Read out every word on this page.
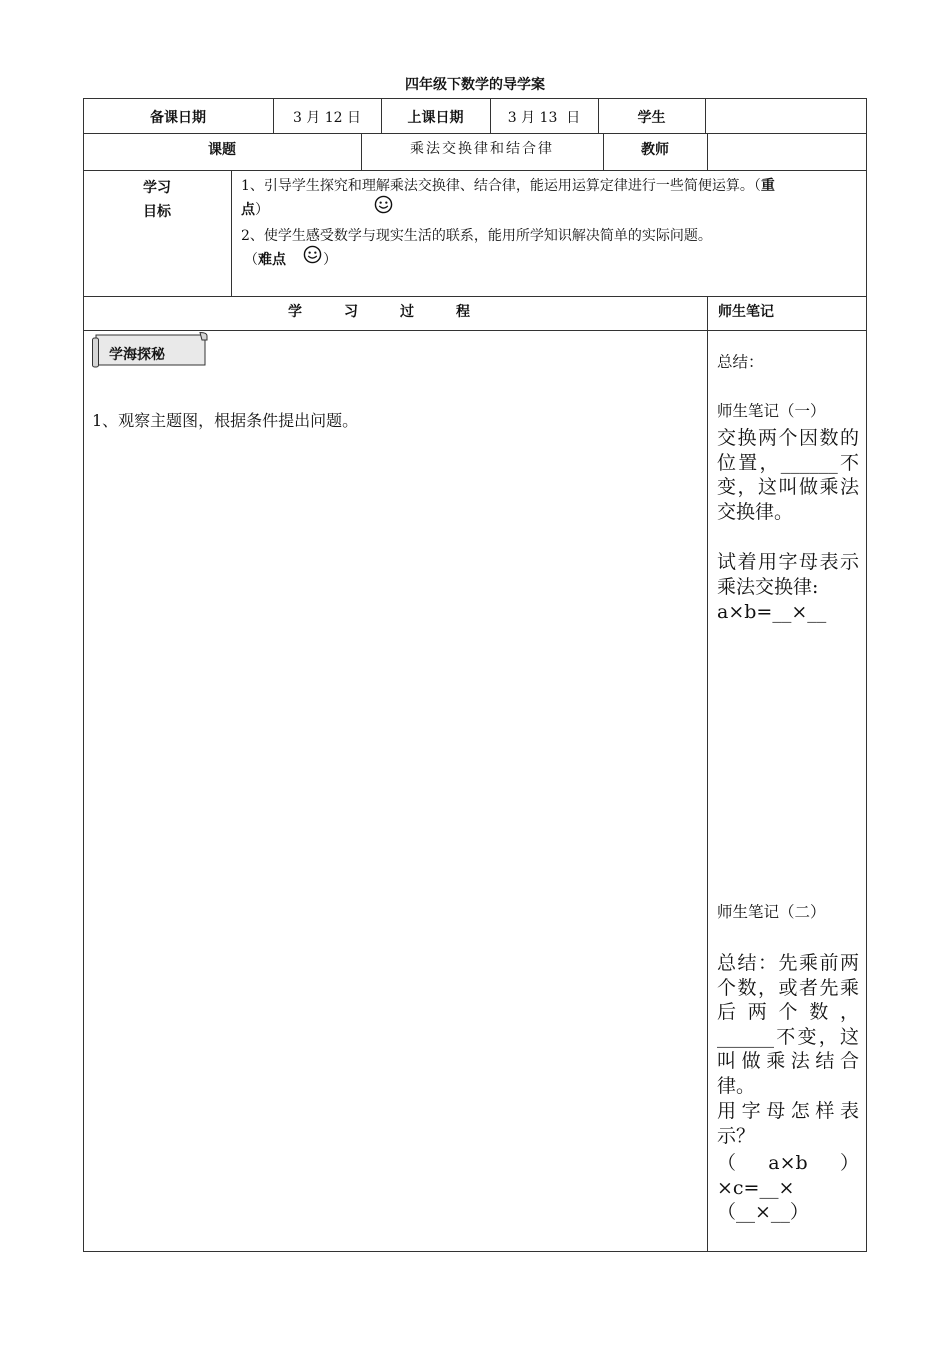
四年级下数学的导学案
备课日期	3 月 12 日	上课日期	3 月 13  日	学生
课题	乘法交换律和结合律	教师
学习
目标
1、引导学生探究和理解乘法交换律、结合律，能运用运算定律进行一些简便运算。（重
点）
2、使学生感受数学与现实生活的联系，能用所学知识解决简单的实际问题。
（难点	）
学　　　习　　　过　　　程	师生笔记
学海探秘
1、观察主题图，根据条件提出问题。
总结：
师生笔记（一）
交换两个因数的位置，______不变，这叫做乘法交换律。
试着用字母表示乘法交换律:
a×b=__×__
师生笔记（二）
总结：先乘前两个数，或者先乘后两个数，______不变，这叫做乘法结合律。
用字母怎样表示？
（a×b）×c=__×（__×__）
